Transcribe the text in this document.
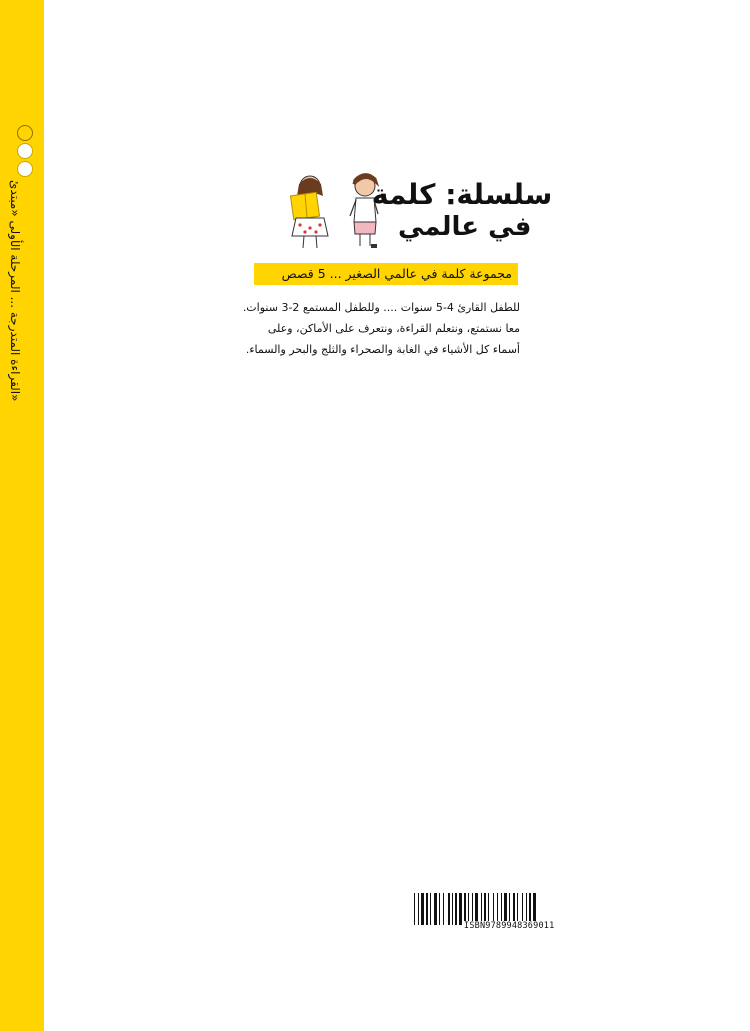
القراءة المتدرجة ... المرحلة الأولى «مبتدئ»
سلسلة: كلمة
في عالمي
مجموعة كلمة في عالمي الصغير ... 5 قصص
للطفل القارئ 4-5 سنوات .... وللطفل المستمع 2-3 سنوات.
معا نستمتع، ونتعلم القراءة، ونتعرف على الأماكن، وعلى
أسماء كل الأشياء في الغابة والصحراء والثلج والبحر والسماء.
ISBN9789948369011
